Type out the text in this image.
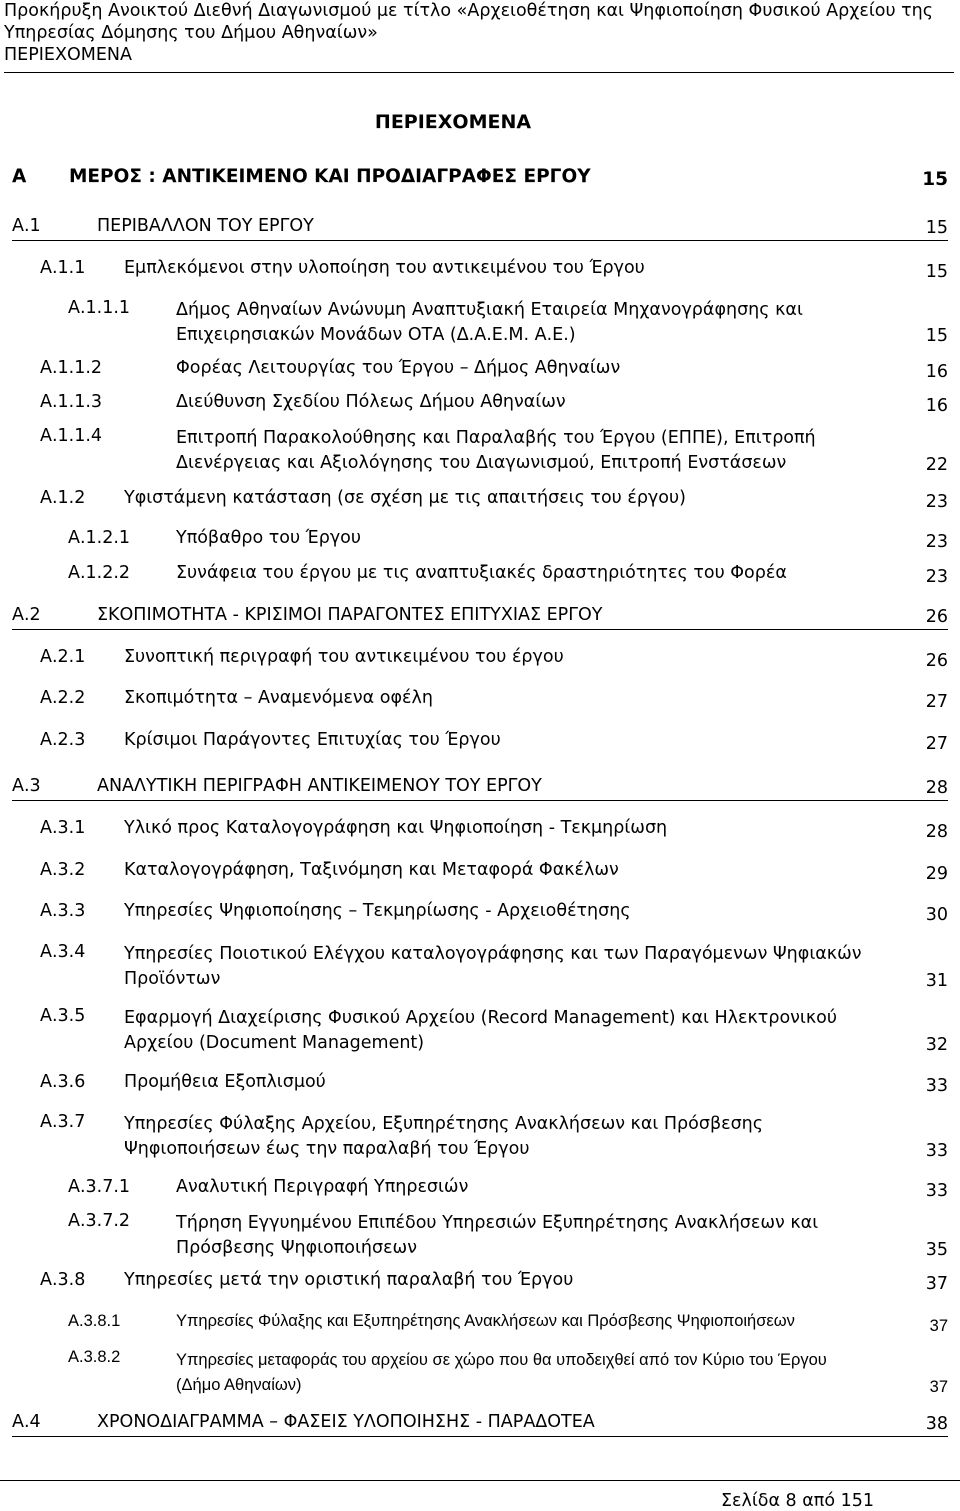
Προκήρυξη Ανοικτού Διεθνή Διαγωνισμού με τίτλο «Αρχειοθέτηση και Ψηφιοποίηση Φυσικού Αρχείου της
Υπηρεσίας Δόμησης του Δήμου Αθηναίων»
ΠΕΡΙΕΧΟΜΕΝΑ
ΠΕΡΙΕΧΟΜΕΝΑ
Α ΜΕΡΟΣ : ΑΝΤΙΚΕΙΜΕΝΟ ΚΑΙ ΠΡΟΔΙΑΓΡΑΦΕΣ ΕΡΓΟΥ	15
Α.1	ΠΕΡΙΒΑΛΛΟΝ ΤΟΥ ΕΡΓΟΥ	15
Α.1.1 Εμπλεκόμενοι στην υλοποίηση του αντικειμένου του Έργου	15
Α.1.1.1	Δήμος Αθηναίων Ανώνυμη Αναπτυξιακή Εταιρεία Μηχανογράφησης και
Επιχειρησιακών Μονάδων ΟΤΑ (Δ.Α.Ε.Μ. Α.Ε.)	15
Α.1.1.2	Φορέας Λειτουργίας του Έργου – Δήμος Αθηναίων	16
Α.1.1.3	Διεύθυνση Σχεδίου Πόλεως Δήμου Αθηναίων	16
Α.1.1.4	Επιτροπή Παρακολούθησης και Παραλαβής του Έργου (ΕΠΠΕ), Επιτροπή
Διενέργειας και Αξιολόγησης του Διαγωνισμού, Επιτροπή Ενστάσεων	22
Α.1.2 Υφιστάμενη κατάσταση (σε σχέση με τις απαιτήσεις του έργου)	23
Α.1.2.1	Υπόβαθρο του Έργου	23
Α.1.2.2	Συνάφεια του έργου με τις αναπτυξιακές δραστηριότητες του Φορέα	23
Α.2	ΣΚΟΠΙΜΟΤΗΤΑ - ΚΡΙΣΙΜΟΙ ΠΑΡΑΓΟΝΤΕΣ ΕΠΙΤΥΧΙΑΣ ΕΡΓΟΥ	26
Α.2.1 Συνοπτική περιγραφή του αντικειμένου του έργου	26
Α.2.2 Σκοπιμότητα – Αναμενόμενα οφέλη	27
Α.2.3 Κρίσιμοι Παράγοντες Επιτυχίας του Έργου	27
Α.3	ΑΝΑΛΥΤΙΚΗ ΠΕΡΙΓΡΑΦΗ ΑΝΤΙΚΕΙΜΕΝΟΥ ΤΟΥ ΕΡΓΟΥ	28
Α.3.1 Υλικό προς Καταλογογράφηση και Ψηφιοποίηση - Τεκμηρίωση	28
Α.3.2 Καταλογογράφηση, Ταξινόμηση και Μεταφορά Φακέλων	29
Α.3.3 Υπηρεσίες Ψηφιοποίησης – Τεκμηρίωσης - Αρχειοθέτησης	30
Α.3.4 Υπηρεσίες Ποιοτικού Ελέγχου καταλογογράφησης και των Παραγόμενων Ψηφιακών
Προϊόντων	31
Α.3.5 Εφαρμογή Διαχείρισης Φυσικού Αρχείου (Record Management) και Ηλεκτρονικού
Αρχείου (Document Management)	32
Α.3.6 Προμήθεια Εξοπλισμού	33
Α.3.7 Υπηρεσίες Φύλαξης Αρχείου, Εξυπηρέτησης Ανακλήσεων και Πρόσβεσης
Ψηφιοποιήσεων έως την παραλαβή του Έργου	33
Α.3.7.1	Αναλυτική Περιγραφή Υπηρεσιών	33
Α.3.7.2	Τήρηση Εγγυημένου Επιπέδου Υπηρεσιών Εξυπηρέτησης Ανακλήσεων και
Πρόσβεσης Ψηφιοποιήσεων	35
Α.3.8 Υπηρεσίες μετά την οριστική παραλαβή του Έργου	37
Α.3.8.1	Υπηρεσίες Φύλαξης και Εξυπηρέτησης Ανακλήσεων και Πρόσβεσης Ψηφιοποιήσεων	37
Α.3.8.2	Υπηρεσίες μεταφοράς του αρχείου σε χώρο που θα υποδειχθεί από τον Κύριο του Έργου
(Δήμο Αθηναίων)	37
Α.4	ΧΡΟΝΟΔΙΑΓΡΑΜΜΑ – ΦΑΣΕΙΣ ΥΛΟΠΟΙΗΣΗΣ - ΠΑΡΑΔΟΤΕΑ	38
Σελίδα 8 από 151
